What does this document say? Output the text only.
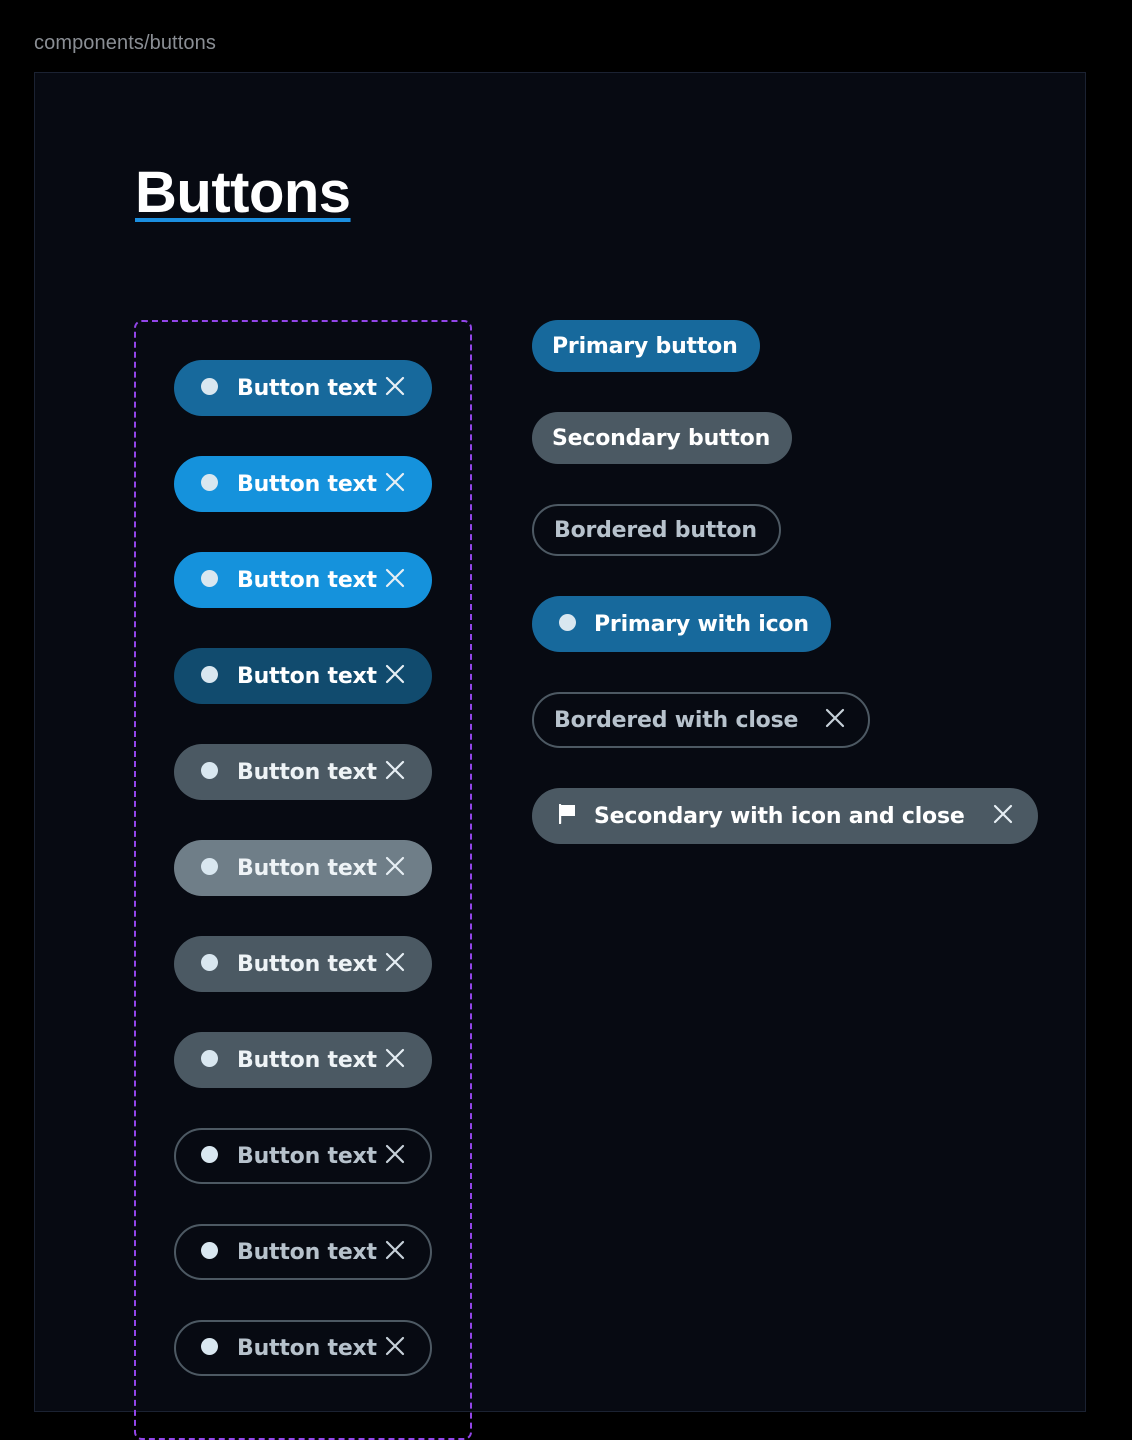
components/buttons
Buttons
Button text
Button text
Button text
Button text
Button text
Button text
Button text
Button text
Button text
Button text
Button text
Primary button
Secondary button
Bordered button
Primary with icon
Bordered with close
Secondary with icon and close
